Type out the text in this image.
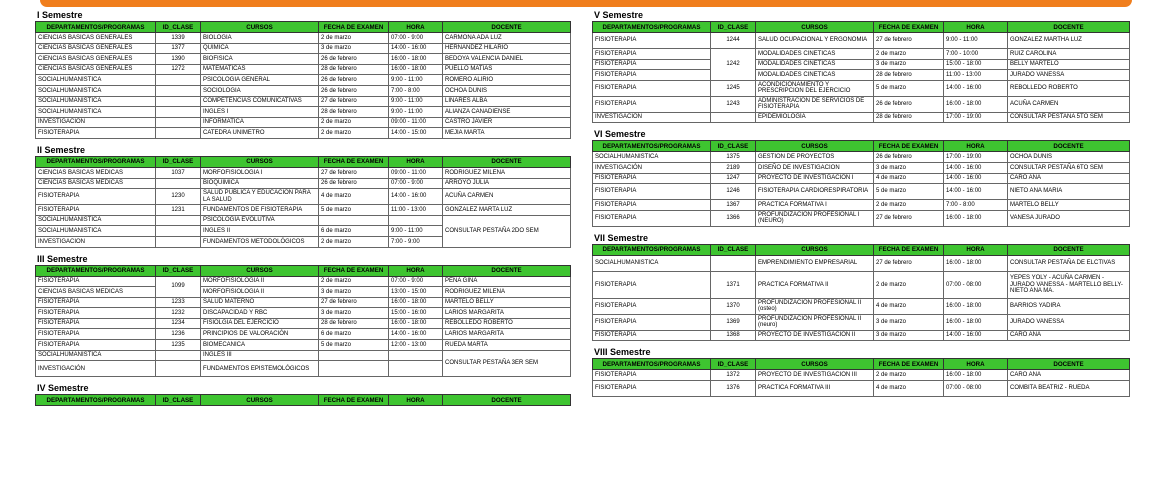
I Semestre
DEPARTAMENTOS/PROGRAMAS	ID_CLASE	CURSOS	FECHA DE EXAMEN	HORA	DOCENTE
CIENCIAS BASICAS GENERALES	1339	BIOLOGIA	2 de marzo	07:00 - 9:00	CARMONA ADA LUZ
CIENCIAS BASICAS GENERALES	1377	QUIMICA	3 de marzo	14:00 - 16:00	HERNANDEZ HILARIO
CIENCIAS BASICAS GENERALES	1390	BIOFISICA	26 de febrero	16:00 - 18:00	BEDOYA VALENCIA DANIEL
CIENCIAS BASICAS GENERALES	1272	MATEMATICAS	28 de febrero	16:00 - 18:00	PUELLO MATIAS
SOCIALHUMANISTICA		PSICOLOGIA GENERAL	26 de febrero	9:00 - 11:00	ROMERO ALIRIO
SOCIALHUMANISTICA		SOCIOLOGIA	26 de febrero	7:00 - 8:00	OCHOA DUNIS
SOCIALHUMANISTICA		COMPETENCIAS COMUNICATIVAS	27 de febrero	9:00 - 11:00	LINARES ALBA
SOCIALHUMANISTICA		INGLES I	28 de febrero	9:00 - 11:00	ALIANZA CANADIENSE
INVESTIGACION		INFORMATICA	2 de marzo	09:00 - 11:00	CASTRO JAVIER
FISIOTERAPIA		CATEDRA UNIMETRO	2 de marzo	14:00 - 15:00	MEJIA MARTA
II Semestre
DEPARTAMENTOS/PROGRAMAS	ID_CLASE	CURSOS	FECHA DE EXAMEN	HORA	DOCENTE
CIENCIAS BASICAS MEDICAS	1037	MORFOFISIOLOGIA I	27 de febrero	09:00 - 11:00	RODRIGUEZ MILENA
CIENCIAS BASICAS MEDICAS		BIOQUIMICA	26 de febrero	07:00 - 9:00	ARROYO JULIA
FISIOTERAPIA	1230	SALUD PUBLICA Y EDUCACION PARA LA SALUD	4 de marzo	14:00 - 16:00	ACUÑA CARMEN
FISIOTERAPIA	1231	FUNDAMENTOS DE FISIOTERAPIA	5 de marzo	11:00 - 13:00	GONZALEZ MARTA LUZ
SOCIALHUMANISTICA		PSICOLOGÍA EVOLUTIVA			CONSULTAR PESTAÑA 2DO SEM
SOCIALHUMANISTICA		INGLES II	6 de marzo	9:00 - 11:00	
INVESTIGACION		FUNDAMENTOS METODOLÓGICOS	2 de marzo	7:00 - 9:00	
III Semestre
DEPARTAMENTOS/PROGRAMAS	ID_CLASE	CURSOS	FECHA DE EXAMEN	HORA	DOCENTE
FISIOTERAPIA	1099	MORFOFISIOLOGIA II	2 de marzo	07:00 - 9:00	PEÑA GINA
CIENCIAS BASICAS MEDICAS		MORFOFISIOLOGIA II	3 de marzo	13:00 - 15:00	RODRIGUEZ MILENA
FISIOTERAPIA	1233	SALUD MATERNO	27 de febrero	16:00 - 18:00	MARTELO BELLY
FISIOTERAPIA	1232	DISCAPACIDAD Y RBC	3 de marzo	15:00 - 16:00	LARIOS MARGARITA
FISIOTERAPIA	1234	FISIOLGIA DEL EJERCICIO	28 de febrero	16:00 - 18:00	REBOLLEDO ROBERTO
FISIOTERAPIA	1236	PRINCIPIOS DE VALORACIÓN	6 de marzo	14:00 - 16:00	LARIOS MARGARITA
FISIOTERAPIA	1235	BIOMECANICA	5 de marzo	12:00 - 13:00	RUEDA MARTA
SOCIALHUMANISTICA		INGLÉS III			CONSULTAR PESTAÑA 3ER SEM
INVESTIGACIÓN		FUNDAMENTOS EPISTEMOLÓGICOS			
IV Semestre
DEPARTAMENTOS/PROGRAMAS	ID_CLASE	CURSOS	FECHA DE EXAMEN	HORA	DOCENTE
V Semestre
DEPARTAMENTOS/PROGRAMAS	ID_CLASE	CURSOS	FECHA DE EXAMEN	HORA	DOCENTE
FISIOTERAPIA	1244	SALUD OCUPACIONAL Y ERGONOMIA	27 de febrero	9:00 - 11:00	GONZALEZ MARTHA LUZ
FISIOTERAPIA	1242	MODALIDADES CINETICAS	2 de marzo	7:00 - 10:00	RUIZ CAROLINA
FISIOTERAPIA		MODALIDADES CINETICAS	3 de marzo	15:00 - 18:00	BELLY MARTELO
FISIOTERAPIA		MODALIDADES CINETICAS	28 de febrero	11:00 - 13:00	JURADO VANESSA
FISIOTERAPIA	1245	ACONDICIONAMIENTO Y PRESCRIPCION DEL EJERCICIO	5 de marzo	14:00 - 16:00	REBOLLEDO ROBERTO
FISIOTERAPIA	1243	ADMINISTRACION DE SERVICIOS DE FISIOTERAPIA	26 de febrero	16:00 - 18:00	ACUÑA CARMEN
INVESTIGACIÓN		EPIDEMIOLOGÍA	28 de febrero	17:00 - 19:00	CONSULTAR PESTAÑA 5TO SEM
VI Semestre
DEPARTAMENTOS/PROGRAMAS	ID_CLASE	CURSOS	FECHA DE EXAMEN	HORA	DOCENTE
SOCIALHUMANISTICA	1375	GESTION DE PROYECTOS	26 de febrero	17:00 - 19:00	OCHOA DUNIS
INVESTIGACIÓN	2189	DISEÑO DE INVESTIGACION	3 de marzo	14:00 - 16:00	CONSULTAR PESTAÑA 6TO SEM
FISIOTERAPIA	1247	PROYECTO DE INVESTIGACION I	4 de marzo	14:00 - 16:00	CARO ANA
FISIOTERAPIA	1246	FISIOTERAPIA CARDIORESPIRATORIA	5 de marzo	14:00 - 16:00	NIETO ANA MARIA
FISIOTERAPIA	1367	PRACTICA FORMATIVA I	2 de marzo	7:00 - 8:00	MARTELO BELLY
FISIOTERAPIA	1366	PROFUNDIZACION PROFESIONAL I (NEURO)	27 de febrero	16:00 - 18:00	VANESA JURADO
VII Semestre
DEPARTAMENTOS/PROGRAMAS	ID_CLASE	CURSOS	FECHA DE EXAMEN	HORA	DOCENTE
SOCIALHUMANISTICA		EMPRENDIMIENTO EMPRESARIAL	27 de febrero	16:00 - 18:00	CONSULTAR PESTAÑA DE ELCTIVAS
FISIOTERAPIA	1371	PRACTICA FORMATIVA II	2 de marzo	07:00 - 08:00	YEPES YOLY - ACUÑA CARMEN - JURADO VANESSA - MARTELLO BELLY- NIETO ANA MA.
FISIOTERAPIA	1370	PROFUNDIZACION PROFESIONAL II (osteo)	4 de marzo	16:00 - 18:00	BARRIOS YADIRA
FISIOTERAPIA	1369	PROFUNDIZACION PROFESIONAL II (neuro)	3 de marzo	16:00 - 18:00	JURADO VANESSA
FISIOTERAPIA	1368	PROYECTO DE INVESTIGACION II	3 de marzo	14:00 - 16:00	CARO ANA
VIII Semestre
DEPARTAMENTOS/PROGRAMAS	ID_CLASE	CURSOS	FECHA DE EXAMEN	HORA	DOCENTE
FISIOTERAPIA	1372	PROYECTO DE INVESTIGACION III	2 de marzo	16:00 - 18:00	CARO ANA
FISIOTERAPIA	1376	PRACTICA FORMATIVA III	4 de marzo	07:00 - 08:00	COMBITA BEATRIZ - RUEDA
